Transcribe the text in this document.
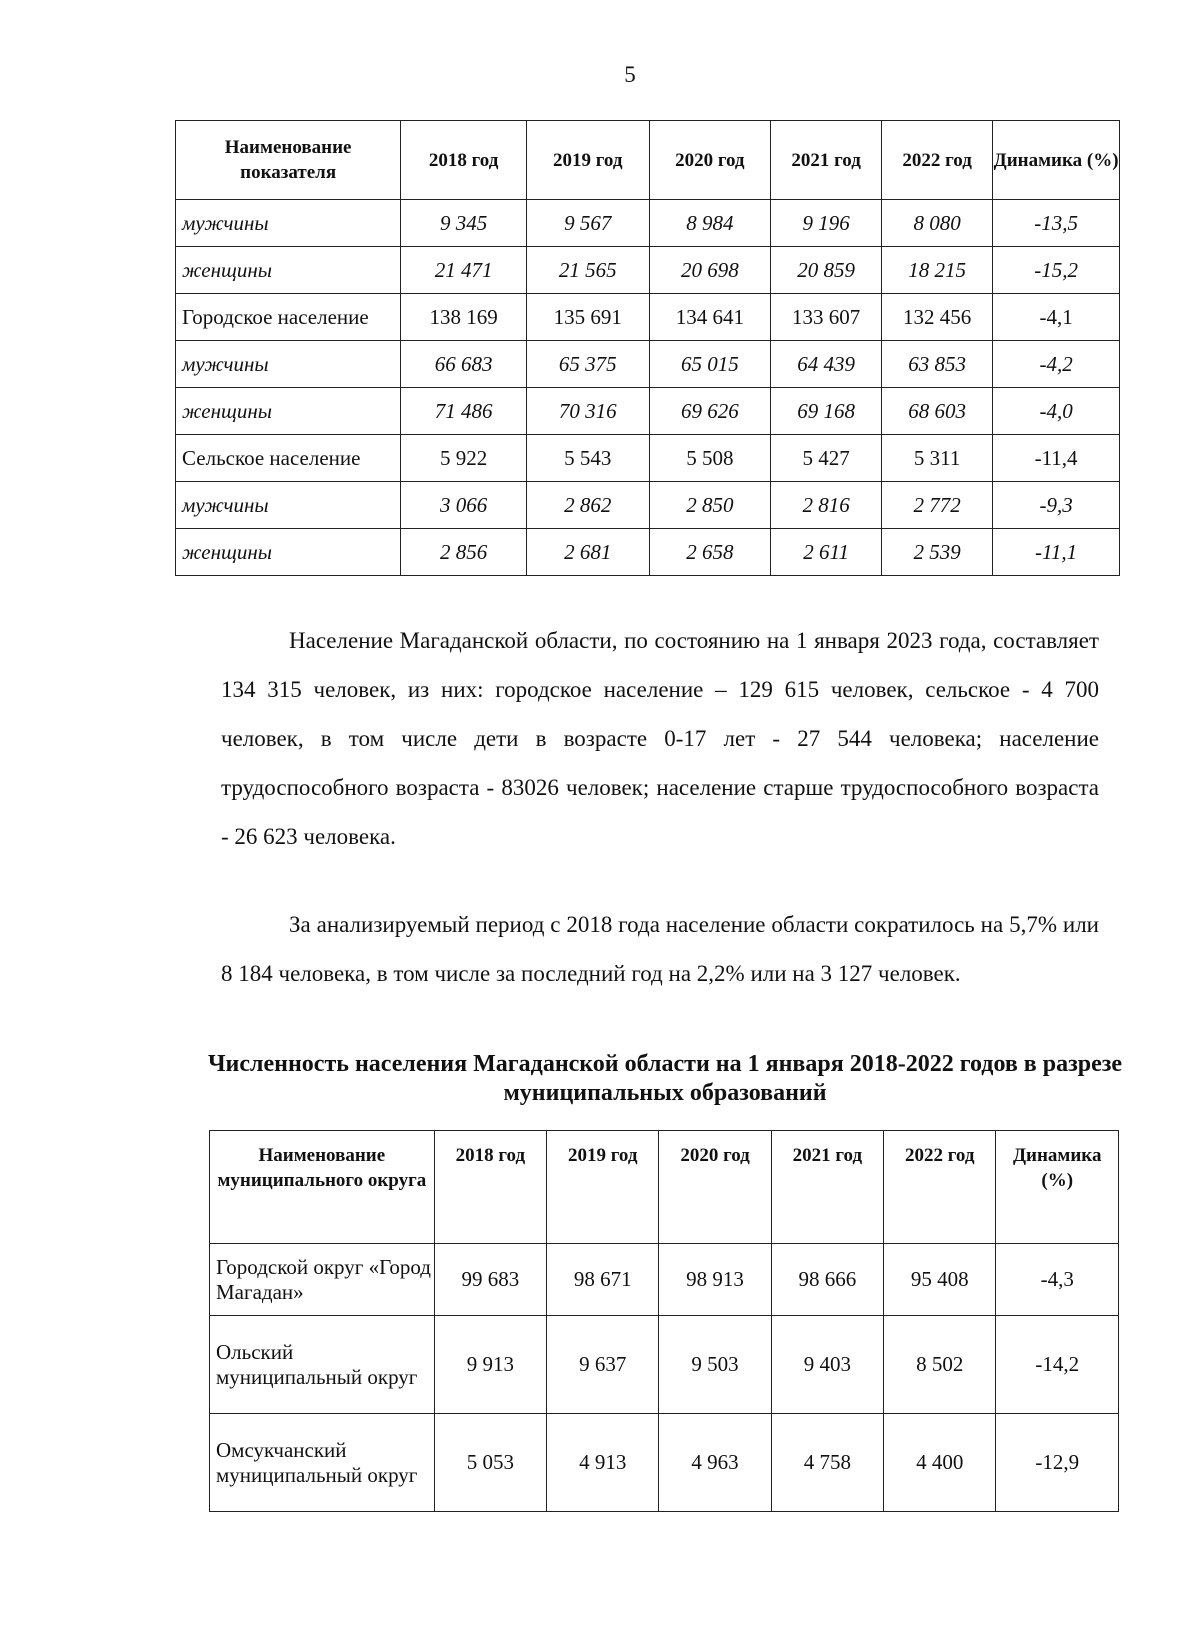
5
Наименование показателя	2018 год	2019 год	2020 год	2021 год	2022 год	Динамика (%)
мужчины	9 345	9 567	8 984	9 196	8 080	-13,5
женщины	21 471	21 565	20 698	20 859	18 215	-15,2
Городское население	138 169	135 691	134 641	133 607	132 456	-4,1
мужчины	66 683	65 375	65 015	64 439	63 853	-4,2
женщины	71 486	70 316	69 626	69 168	68 603	-4,0
Сельское население	5 922	5 543	5 508	5 427	5 311	-11,4
мужчины	3 066	2 862	2 850	2 816	2 772	-9,3
женщины	2 856	2 681	2 658	2 611	2 539	-11,1

Население Магаданской области, по состоянию на 1 января 2023 года, составляет 134 315 человек, из них: городское население – 129 615 человек, сельское - 4 700 человек, в том числе дети в возрасте 0-17 лет - 27 544 человека; население трудоспособного возраста - 83026 человек; население старше трудоспособного возраста - 26 623 человека.

За анализируемый период с 2018 года население области сократилось на 5,7% или 8 184 человека, в том числе за последний год на 2,2% или на 3 127 человек.

Численность населения Магаданской области на 1 января 2018-2022 годов в разрезе муниципальных образований
Наименование муниципального округа	2018 год	2019 год	2020 год	2021 год	2022 год	Динамика (%)
Городской округ «Город Магадан»	99 683	98 671	98 913	98 666	95 408	-4,3
Ольский муниципальный округ	9 913	9 637	9 503	9 403	8 502	-14,2
Омсукчанский муниципальный округ	5 053	4 913	4 963	4 758	4 400	-12,9
